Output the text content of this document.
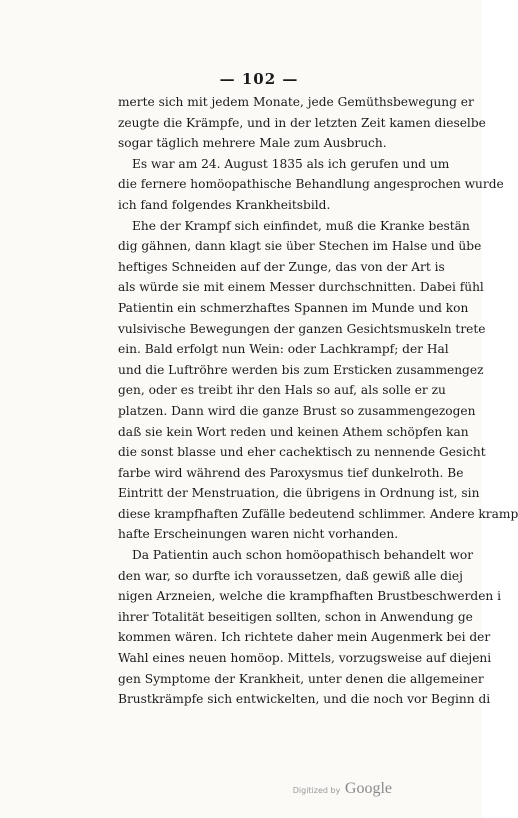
— 102 —
merte sich mit jedem Monate, jede Gemüthsbewegung er
zeugte die Krämpfe, und in der letzten Zeit kamen dieselbe
sogar täglich mehrere Male zum Ausbruch.
Es war am 24. August 1835 als ich gerufen und um
die fernere homöopathische Behandlung angesprochen wurde
ich fand folgendes Krankheitsbild.
Ehe der Krampf sich einfindet, muß die Kranke bestän
dig gähnen, dann klagt sie über Stechen im Halse und übe
heftiges Schneiden auf der Zunge, das von der Art is
als würde sie mit einem Messer durchschnitten. Dabei fühl
Patientin ein schmerzhaftes Spannen im Munde und kon
vulsivische Bewegungen der ganzen Gesichtsmuskeln trete
ein. Bald erfolgt nun Wein: oder Lachkrampf; der Hal
und die Luftröhre werden bis zum Ersticken zusammengez
gen, oder es treibt ihr den Hals so auf, als solle er zu
platzen. Dann wird die ganze Brust so zusammengezogen
daß sie kein Wort reden und keinen Athem schöpfen kan
die sonst blasse und eher cachektisch zu nennende Gesicht
farbe wird während des Paroxysmus tief dunkelroth. Be
Eintritt der Menstruation, die übrigens in Ordnung ist, sin
diese krampfhaften Zufälle bedeutend schlimmer. Andere kramp
hafte Erscheinungen waren nicht vorhanden.
Da Patientin auch schon homöopathisch behandelt wor
den war, so durfte ich voraussetzen, daß gewiß alle diej
nigen Arzneien, welche die krampfhaften Brustbeschwerden i
ihrer Totalität beseitigen sollten, schon in Anwendung ge
kommen wären. Ich richtete daher mein Augenmerk bei der
Wahl eines neuen homöop. Mittels, vorzugsweise auf diejeni
gen Symptome der Krankheit, unter denen die allgemeiner
Brustkrämpfe sich entwickelten, und die noch vor Beginn di
Digitized by Google
